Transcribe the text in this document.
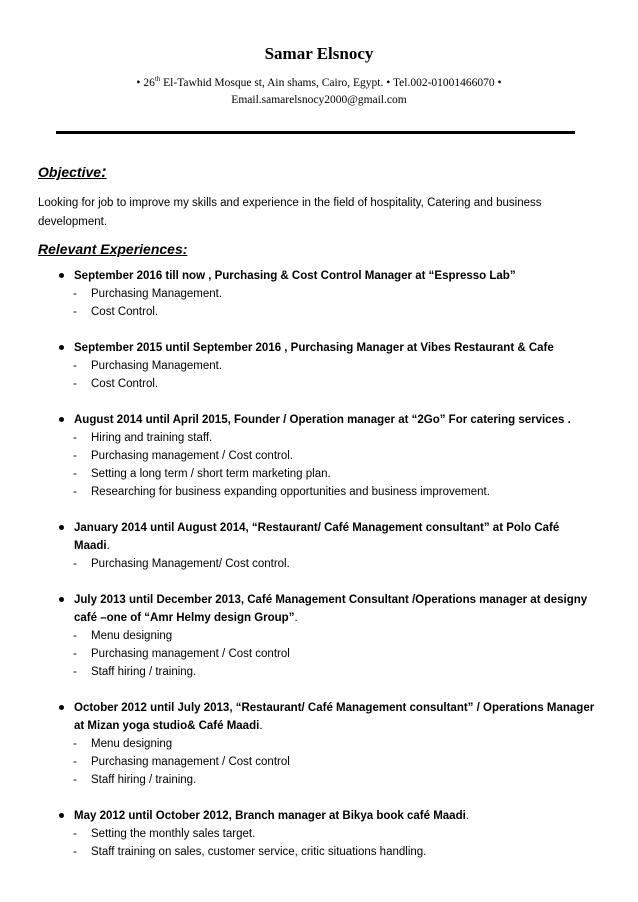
Samar Elsnocy
• 26th El-Tawhid Mosque st, Ain shams, Cairo, Egypt. • Tel.002-01001466070 •
Email.samarelsnocy2000@gmail.com
Objective:
Looking for job to improve my skills and experience in the field of hospitality, Catering and business development.
Relevant Experiences:
September 2016 till now , Purchasing & Cost Control Manager at “Espresso Lab”
- Purchasing Management.
- Cost Control.
September 2015 until September 2016 , Purchasing Manager at Vibes Restaurant & Cafe
- Purchasing Management.
- Cost Control.
August 2014 until April 2015, Founder / Operation manager at “2Go” For catering services .
- Hiring and training staff.
- Purchasing management / Cost control.
- Setting a long term / short term marketing plan.
- Researching for business expanding opportunities and business improvement.
January 2014 until August 2014, “Restaurant/ Café Management consultant” at Polo Café Maadi.
- Purchasing Management/ Cost control.
July 2013 until December 2013, Café Management Consultant /Operations manager at designy café –one of “Amr Helmy design Group”.
- Menu designing
- Purchasing management / Cost control
- Staff hiring / training.
October 2012 until July 2013, “Restaurant/ Café Management consultant” / Operations Manager at Mizan yoga studio& Café Maadi.
- Menu designing
- Purchasing management / Cost control
- Staff hiring / training.
May 2012 until October 2012, Branch manager at Bikya book café Maadi.
- Setting the monthly sales target.
- Staff training on sales, customer service, critic situations handling.
